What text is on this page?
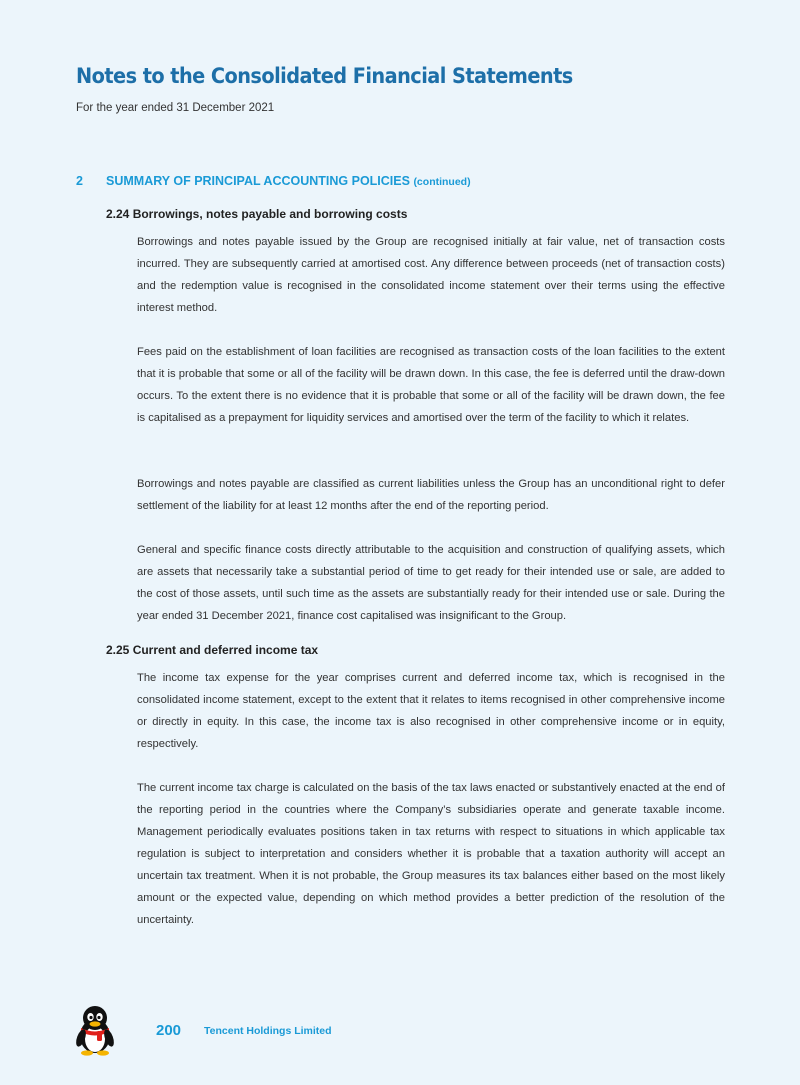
Notes to the Consolidated Financial Statements
For the year ended 31 December 2021
2 SUMMARY OF PRINCIPAL ACCOUNTING POLICIES (continued)
2.24 Borrowings, notes payable and borrowing costs

Borrowings and notes payable issued by the Group are recognised initially at fair value, net of transaction costs incurred. They are subsequently carried at amortised cost. Any difference between proceeds (net of transaction costs) and the redemption value is recognised in the consolidated income statement over their terms using the effective interest method.

Fees paid on the establishment of loan facilities are recognised as transaction costs of the loan facilities to the extent that it is probable that some or all of the facility will be drawn down. In this case, the fee is deferred until the draw-down occurs. To the extent there is no evidence that it is probable that some or all of the facility will be drawn down, the fee is capitalised as a prepayment for liquidity services and amortised over the term of the facility to which it relates.

Borrowings and notes payable are classified as current liabilities unless the Group has an unconditional right to defer settlement of the liability for at least 12 months after the end of the reporting period.

General and specific finance costs directly attributable to the acquisition and construction of qualifying assets, which are assets that necessarily take a substantial period of time to get ready for their intended use or sale, are added to the cost of those assets, until such time as the assets are substantially ready for their intended use or sale. During the year ended 31 December 2021, finance cost capitalised was insignificant to the Group.

2.25 Current and deferred income tax

The income tax expense for the year comprises current and deferred income tax, which is recognised in the consolidated income statement, except to the extent that it relates to items recognised in other comprehensive income or directly in equity. In this case, the income tax is also recognised in other comprehensive income or in equity, respectively.

The current income tax charge is calculated on the basis of the tax laws enacted or substantively enacted at the end of the reporting period in the countries where the Company’s subsidiaries operate and generate taxable income. Management periodically evaluates positions taken in tax returns with respect to situations in which applicable tax regulation is subject to interpretation and considers whether it is probable that a taxation authority will accept an uncertain tax treatment. When it is not probable, the Group measures its tax balances either based on the most likely amount or the expected value, depending on which method provides a better prediction of the resolution of the uncertainty.

200 Tencent Holdings Limited
